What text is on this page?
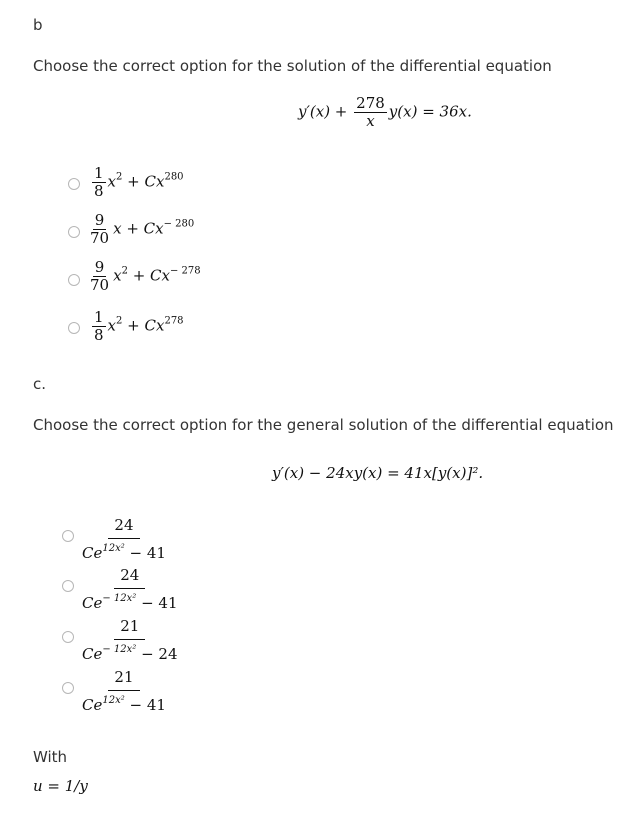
b
Choose the correct option for the solution of the differential equation
$y'(x) + \frac{278}{x} y(x) = 36x$.
$\frac{1}{8} x^2 + Cx^{280}$
$\frac{9}{70}$ $x + Cx^{- 280}$
$\frac{9}{70} x^2 + Cx^{- 278}$
$\frac{1}{8} x^2 + Cx^{278}$
c.
Choose the correct option for the general solution of the differential equation
y′(x) − 24xy(x) = 41x[y(x)]².
$\frac{24}{Ce^{12x^2} - 41}$
$\frac{24}{Ce^{- 12x^2} - 41}$
$\frac{21}{Ce^{- 12x^2} - 24}$
$\frac{21}{Ce^{12x^2} - 41}$
With
u = 1/y
